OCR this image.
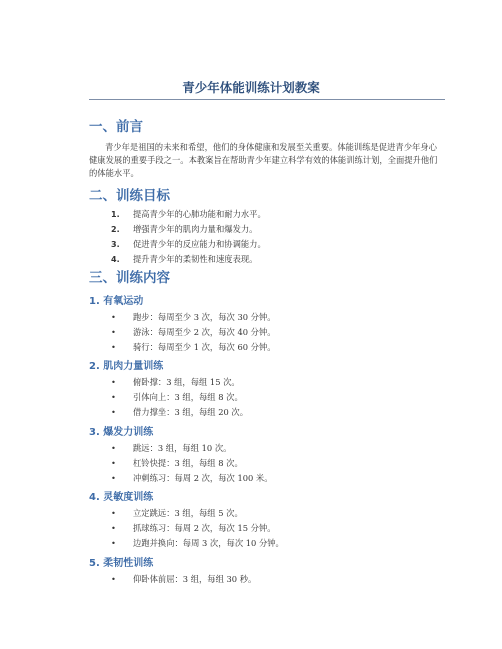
青少年体能训练计划教案
一、前言
青少年是祖国的未来和希望，他们的身体健康和发展至关重要。体能训练是促进青少年身心健康发展的重要手段之一。本教案旨在帮助青少年建立科学有效的体能训练计划，全面提升他们的体能水平。
二、训练目标
1. 提高青少年的心肺功能和耐力水平。
2. 增强青少年的肌肉力量和爆发力。
3. 促进青少年的反应能力和协调能力。
4. 提升青少年的柔韧性和速度表现。
三、训练内容
1. 有氧运动
• 跑步：每周至少 3 次，每次 30 分钟。
• 游泳：每周至少 2 次，每次 40 分钟。
• 骑行：每周至少 1 次，每次 60 分钟。
2. 肌肉力量训练
• 俯卧撑：3 组，每组 15 次。
• 引体向上：3 组，每组 8 次。
• 借力撑坐：3 组，每组 20 次。
3. 爆发力训练
• 跳远：3 组，每组 10 次。
• 杠铃快提：3 组，每组 8 次。
• 冲刺练习：每周 2 次，每次 100 米。
4. 灵敏度训练
• 立定跳远：3 组，每组 5 次。
• 抓球练习：每周 2 次，每次 15 分钟。
• 边跑并换向：每周 3 次，每次 10 分钟。
5. 柔韧性训练
• 仰卧体前屈：3 组，每组 30 秒。
